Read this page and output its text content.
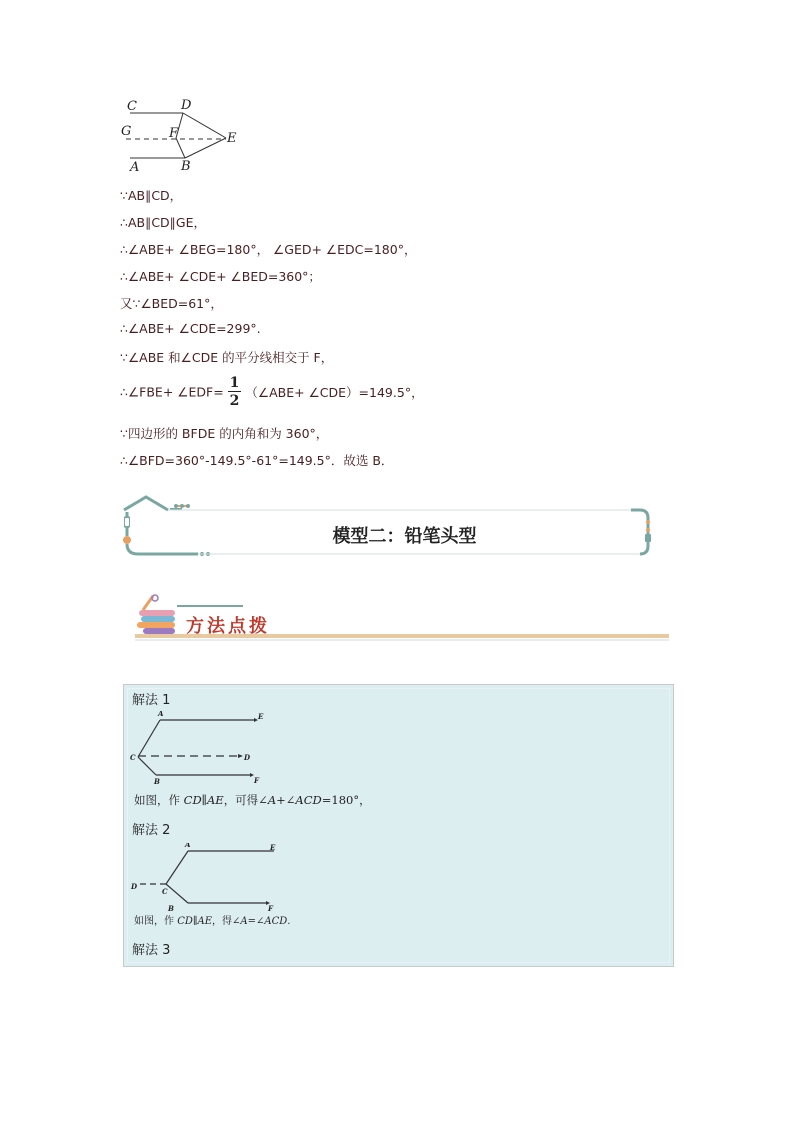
C	D
G	F	E
A	B
∵AB∥CD，
∴AB∥CD∥GE，
∴∠ABE+ ∠BEG=180°， ∠GED+ ∠EDC=180°，
∴∠ABE+ ∠CDE+ ∠BED=360°；
又∵∠BED=61°，
∴∠ABE+ ∠CDE=299°.
∵∠ABE 和∠CDE 的平分线相交于 F，
∴∠FBE+ ∠EDF= $\frac{1}{2}$ （∠ABE+ ∠CDE）=149.5°，
∵四边形的 BFDE 的内角和为 360°，
∴∠BFD=360°-149.5°-61°=149.5°．故选 B．
模型二：铅笔头型
方法点拨
解法 1
A	E
C	D
B	F
如图，作 CD∥AE，可得∠A+∠ACD=180°，
解法 2
A	E
D
C
B	F
如图，作 CD∥AE，得∠A=∠ACD.
解法 3
